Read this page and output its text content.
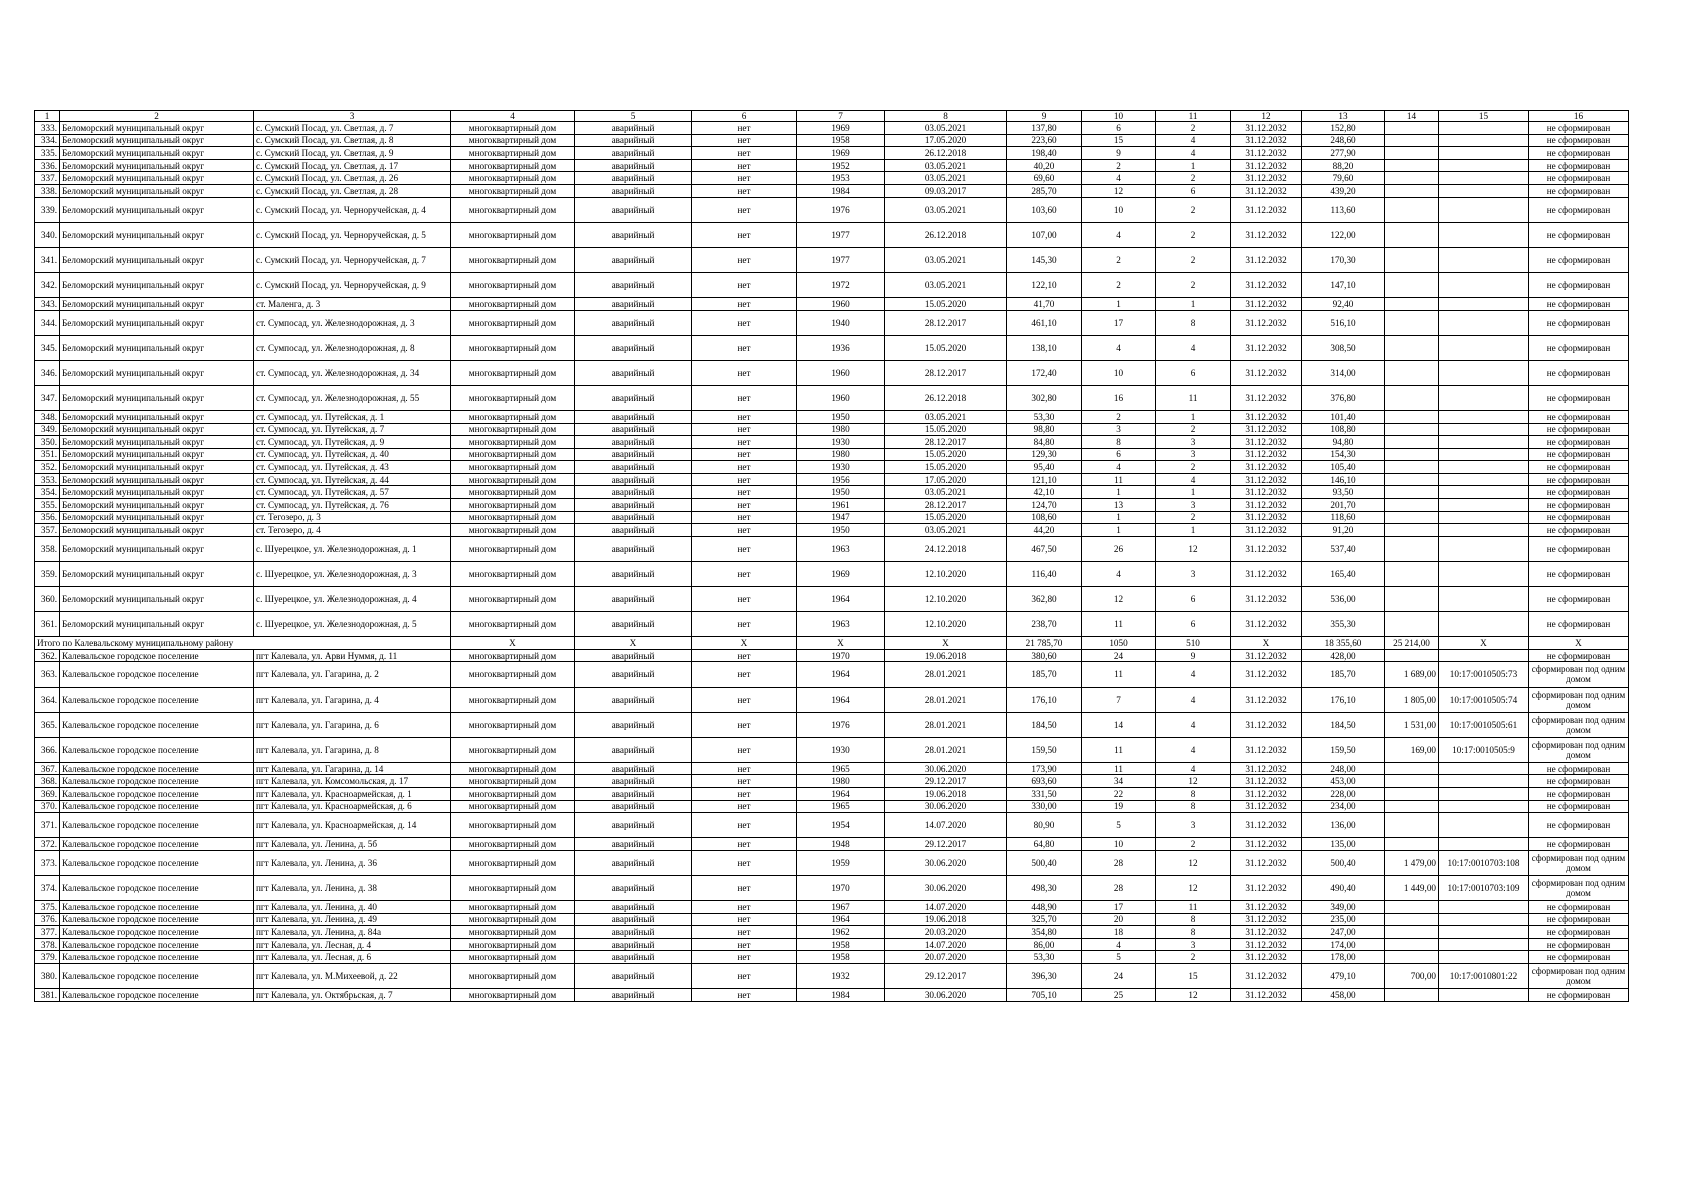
1	2	3	4	5	6	7	8	9	10	11	12	13	14	15	16
333.	Беломорский муниципальный округ	с. Сумский Посад, ул. Светлая, д. 7	многоквартирный дом	аварийный	нет	1969	03.05.2021	137,80	6	2	31.12.2032	152,80			не сформирован
334.	Беломорский муниципальный округ	с. Сумский Посад, ул. Светлая, д. 8	многоквартирный дом	аварийный	нет	1958	17.05.2020	223,60	15	4	31.12.2032	248,60			не сформирован
335.	Беломорский муниципальный округ	с. Сумский Посад, ул. Светлая, д. 9	многоквартирный дом	аварийный	нет	1969	26.12.2018	198,40	9	4	31.12.2032	277,90			не сформирован
336.	Беломорский муниципальный округ	с. Сумский Посад, ул. Светлая, д. 17	многоквартирный дом	аварийный	нет	1952	03.05.2021	40,20	2	1	31.12.2032	88,20			не сформирован
337.	Беломорский муниципальный округ	с. Сумский Посад, ул. Светлая, д. 26	многоквартирный дом	аварийный	нет	1953	03.05.2021	69,60	4	2	31.12.2032	79,60			не сформирован
338.	Беломорский муниципальный округ	с. Сумский Посад, ул. Светлая, д. 28	многоквартирный дом	аварийный	нет	1984	09.03.2017	285,70	12	6	31.12.2032	439,20			не сформирован
339.	Беломорский муниципальный округ	с. Сумский Посад, ул. Черноручейская, д. 4	многоквартирный дом	аварийный	нет	1976	03.05.2021	103,60	10	2	31.12.2032	113,60			не сформирован
340.	Беломорский муниципальный округ	с. Сумский Посад, ул. Черноручейская, д. 5	многоквартирный дом	аварийный	нет	1977	26.12.2018	107,00	4	2	31.12.2032	122,00			не сформирован
341.	Беломорский муниципальный округ	с. Сумский Посад, ул. Черноручейская, д. 7	многоквартирный дом	аварийный	нет	1977	03.05.2021	145,30	2	2	31.12.2032	170,30			не сформирован
342.	Беломорский муниципальный округ	с. Сумский Посад, ул. Черноручейская, д. 9	многоквартирный дом	аварийный	нет	1972	03.05.2021	122,10	2	2	31.12.2032	147,10			не сформирован
343.	Беломорский муниципальный округ	ст. Маленга, д. 3	многоквартирный дом	аварийный	нет	1960	15.05.2020	41,70	1	1	31.12.2032	92,40			не сформирован
344.	Беломорский муниципальный округ	ст. Сумпосад, ул. Железнодорожная, д. 3	многоквартирный дом	аварийный	нет	1940	28.12.2017	461,10	17	8	31.12.2032	516,10			не сформирован
345.	Беломорский муниципальный округ	ст. Сумпосад, ул. Железнодорожная, д. 8	многоквартирный дом	аварийный	нет	1936	15.05.2020	138,10	4	4	31.12.2032	308,50			не сформирован
346.	Беломорский муниципальный округ	ст. Сумпосад, ул. Железнодорожная, д. 34	многоквартирный дом	аварийный	нет	1960	28.12.2017	172,40	10	6	31.12.2032	314,00			не сформирован
347.	Беломорский муниципальный округ	ст. Сумпосад, ул. Железнодорожная, д. 55	многоквартирный дом	аварийный	нет	1960	26.12.2018	302,80	16	11	31.12.2032	376,80			не сформирован
348.	Беломорский муниципальный округ	ст. Сумпосад, ул. Путейская, д. 1	многоквартирный дом	аварийный	нет	1950	03.05.2021	53,30	2	1	31.12.2032	101,40			не сформирован
349.	Беломорский муниципальный округ	ст. Сумпосад, ул. Путейская, д. 7	многоквартирный дом	аварийный	нет	1980	15.05.2020	98,80	3	2	31.12.2032	108,80			не сформирован
350.	Беломорский муниципальный округ	ст. Сумпосад, ул. Путейская, д. 9	многоквартирный дом	аварийный	нет	1930	28.12.2017	84,80	8	3	31.12.2032	94,80			не сформирован
351.	Беломорский муниципальный округ	ст. Сумпосад, ул. Путейская, д. 40	многоквартирный дом	аварийный	нет	1980	15.05.2020	129,30	6	3	31.12.2032	154,30			не сформирован
352.	Беломорский муниципальный округ	ст. Сумпосад, ул. Путейская, д. 43	многоквартирный дом	аварийный	нет	1930	15.05.2020	95,40	4	2	31.12.2032	105,40			не сформирован
353.	Беломорский муниципальный округ	ст. Сумпосад, ул. Путейская, д. 44	многоквартирный дом	аварийный	нет	1956	17.05.2020	121,10	11	4	31.12.2032	146,10			не сформирован
354.	Беломорский муниципальный округ	ст. Сумпосад, ул. Путейская, д. 57	многоквартирный дом	аварийный	нет	1950	03.05.2021	42,10	1	1	31.12.2032	93,50			не сформирован
355.	Беломорский муниципальный округ	ст. Сумпосад, ул. Путейская, д. 76	многоквартирный дом	аварийный	нет	1961	28.12.2017	124,70	13	3	31.12.2032	201,70			не сформирован
356.	Беломорский муниципальный округ	ст. Тегозеро, д. 3	многоквартирный дом	аварийный	нет	1947	15.05.2020	108,60	1	2	31.12.2032	118,60			не сформирован
357.	Беломорский муниципальный округ	ст. Тегозеро, д. 4	многоквартирный дом	аварийный	нет	1950	03.05.2021	44,20	1	1	31.12.2032	91,20			не сформирован
358.	Беломорский муниципальный округ	с. Шуерецкое, ул. Железнодорожная, д. 1	многоквартирный дом	аварийный	нет	1963	24.12.2018	467,50	26	12	31.12.2032	537,40			не сформирован
359.	Беломорский муниципальный округ	с. Шуерецкое, ул. Железнодорожная, д. 3	многоквартирный дом	аварийный	нет	1969	12.10.2020	116,40	4	3	31.12.2032	165,40			не сформирован
360.	Беломорский муниципальный округ	с. Шуерецкое, ул. Железнодорожная, д. 4	многоквартирный дом	аварийный	нет	1964	12.10.2020	362,80	12	6	31.12.2032	536,00			не сформирован
361.	Беломорский муниципальный округ	с. Шуерецкое, ул. Железнодорожная, д. 5	многоквартирный дом	аварийный	нет	1963	12.10.2020	238,70	11	6	31.12.2032	355,30			не сформирован
Итого по Калевальскому муниципальному району			X	X	X	X	X	21 785,70	1050	510	X	18 355,60	25 214,00	X	X
362.	Калевальское городское поселение	пгт Калевала, ул. Арви Нуммя, д. 11	многоквартирный дом	аварийный	нет	1970	19.06.2018	380,60	24	9	31.12.2032	428,00			не сформирован
363.	Калевальское городское поселение	пгт Калевала, ул. Гагарина, д. 2	многоквартирный дом	аварийный	нет	1964	28.01.2021	185,70	11	4	31.12.2032	185,70	1 689,00	10:17:0010505:73	сформирован под одним домом
364.	Калевальское городское поселение	пгт Калевала, ул. Гагарина, д. 4	многоквартирный дом	аварийный	нет	1964	28.01.2021	176,10	7	4	31.12.2032	176,10	1 805,00	10:17:0010505:74	сформирован под одним домом
365.	Калевальское городское поселение	пгт Калевала, ул. Гагарина, д. 6	многоквартирный дом	аварийный	нет	1976	28.01.2021	184,50	14	4	31.12.2032	184,50	1 531,00	10:17:0010505:61	сформирован под одним домом
366.	Калевальское городское поселение	пгт Калевала, ул. Гагарина, д. 8	многоквартирный дом	аварийный	нет	1930	28.01.2021	159,50	11	4	31.12.2032	159,50	169,00	10:17:0010505:9	сформирован под одним домом
367.	Калевальское городское поселение	пгт Калевала, ул. Гагарина, д. 14	многоквартирный дом	аварийный	нет	1965	30.06.2020	173,90	11	4	31.12.2032	248,00			не сформирован
368.	Калевальское городское поселение	пгт Калевала, ул. Комсомольская, д. 17	многоквартирный дом	аварийный	нет	1980	29.12.2017	693,60	34	12	31.12.2032	453,00			не сформирован
369.	Калевальское городское поселение	пгт Калевала, ул. Красноармейская, д. 1	многоквартирный дом	аварийный	нет	1964	19.06.2018	331,50	22	8	31.12.2032	228,00			не сформирован
370.	Калевальское городское поселение	пгт Калевала, ул. Красноармейская, д. 6	многоквартирный дом	аварийный	нет	1965	30.06.2020	330,00	19	8	31.12.2032	234,00			не сформирован
371.	Калевальское городское поселение	пгт Калевала, ул. Красноармейская, д. 14	многоквартирный дом	аварийный	нет	1954	14.07.2020	80,90	5	3	31.12.2032	136,00			не сформирован
372.	Калевальское городское поселение	пгт Калевала, ул. Ленина, д. 5б	многоквартирный дом	аварийный	нет	1948	29.12.2017	64,80	10	2	31.12.2032	135,00			не сформирован
373.	Калевальское городское поселение	пгт Калевала, ул. Ленина, д. 36	многоквартирный дом	аварийный	нет	1959	30.06.2020	500,40	28	12	31.12.2032	500,40	1 479,00	10:17:0010703:108	сформирован под одним домом
374.	Калевальское городское поселение	пгт Калевала, ул. Ленина, д. 38	многоквартирный дом	аварийный	нет	1970	30.06.2020	498,30	28	12	31.12.2032	490,40	1 449,00	10:17:0010703:109	сформирован под одним домом
375.	Калевальское городское поселение	пгт Калевала, ул. Ленина, д. 40	многоквартирный дом	аварийный	нет	1967	14.07.2020	448,90	17	11	31.12.2032	349,00			не сформирован
376.	Калевальское городское поселение	пгт Калевала, ул. Ленина, д. 49	многоквартирный дом	аварийный	нет	1964	19.06.2018	325,70	20	8	31.12.2032	235,00			не сформирован
377.	Калевальское городское поселение	пгт Калевала, ул. Ленина, д. 84а	многоквартирный дом	аварийный	нет	1962	20.03.2020	354,80	18	8	31.12.2032	247,00			не сформирован
378.	Калевальское городское поселение	пгт Калевала, ул. Лесная, д. 4	многоквартирный дом	аварийный	нет	1958	14.07.2020	86,00	4	3	31.12.2032	174,00			не сформирован
379.	Калевальское городское поселение	пгт Калевала, ул. Лесная, д. 6	многоквартирный дом	аварийный	нет	1958	20.07.2020	53,30	5	2	31.12.2032	178,00			не сформирован
380.	Калевальское городское поселение	пгт Калевала, ул. М.Михеевой, д. 22	многоквартирный дом	аварийный	нет	1932	29.12.2017	396,30	24	15	31.12.2032	479,10	700,00	10:17:0010801:22	сформирован под одним домом
381.	Калевальское городское поселение	пгт Калевала, ул. Октябрьская, д. 7	многоквартирный дом	аварийный	нет	1984	30.06.2020	705,10	25	12	31.12.2032	458,00			не сформирован
